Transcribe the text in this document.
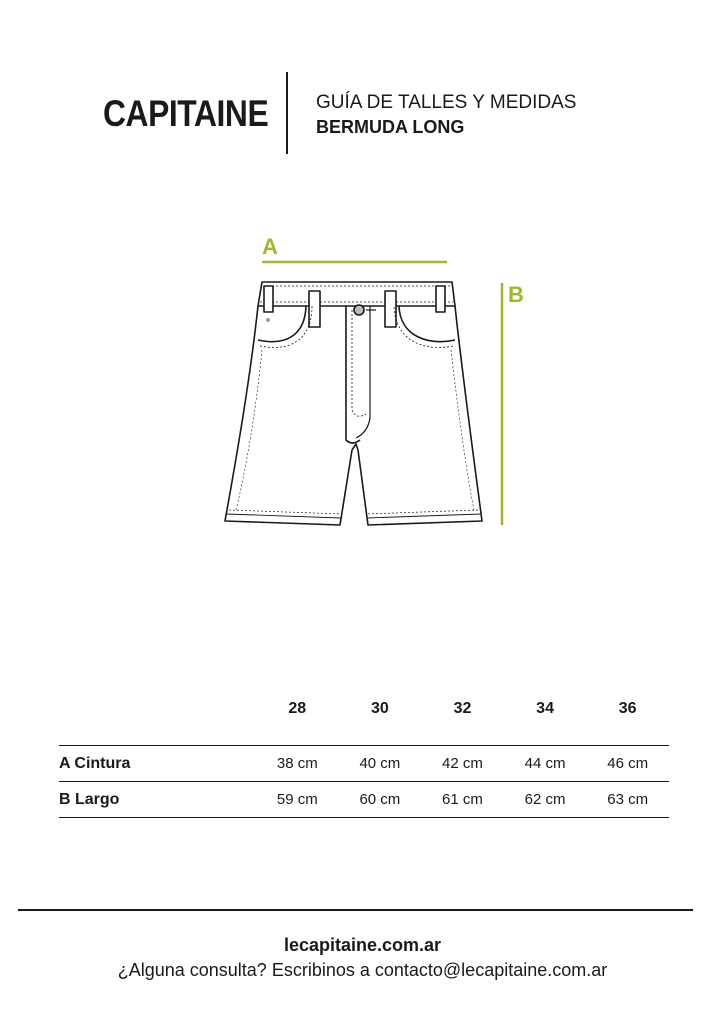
CAPITAINE	GUÍA DE TALLES Y MEDIDAS
BERMUDA LONG
A
B
	28	30	32	34	36
A Cintura	38 cm	40 cm	42 cm	44 cm	46 cm
B Largo	59 cm	60 cm	61 cm	62 cm	63 cm
lecapitaine.com.ar
¿Alguna consulta? Escribinos a contacto@lecapitaine.com.ar
